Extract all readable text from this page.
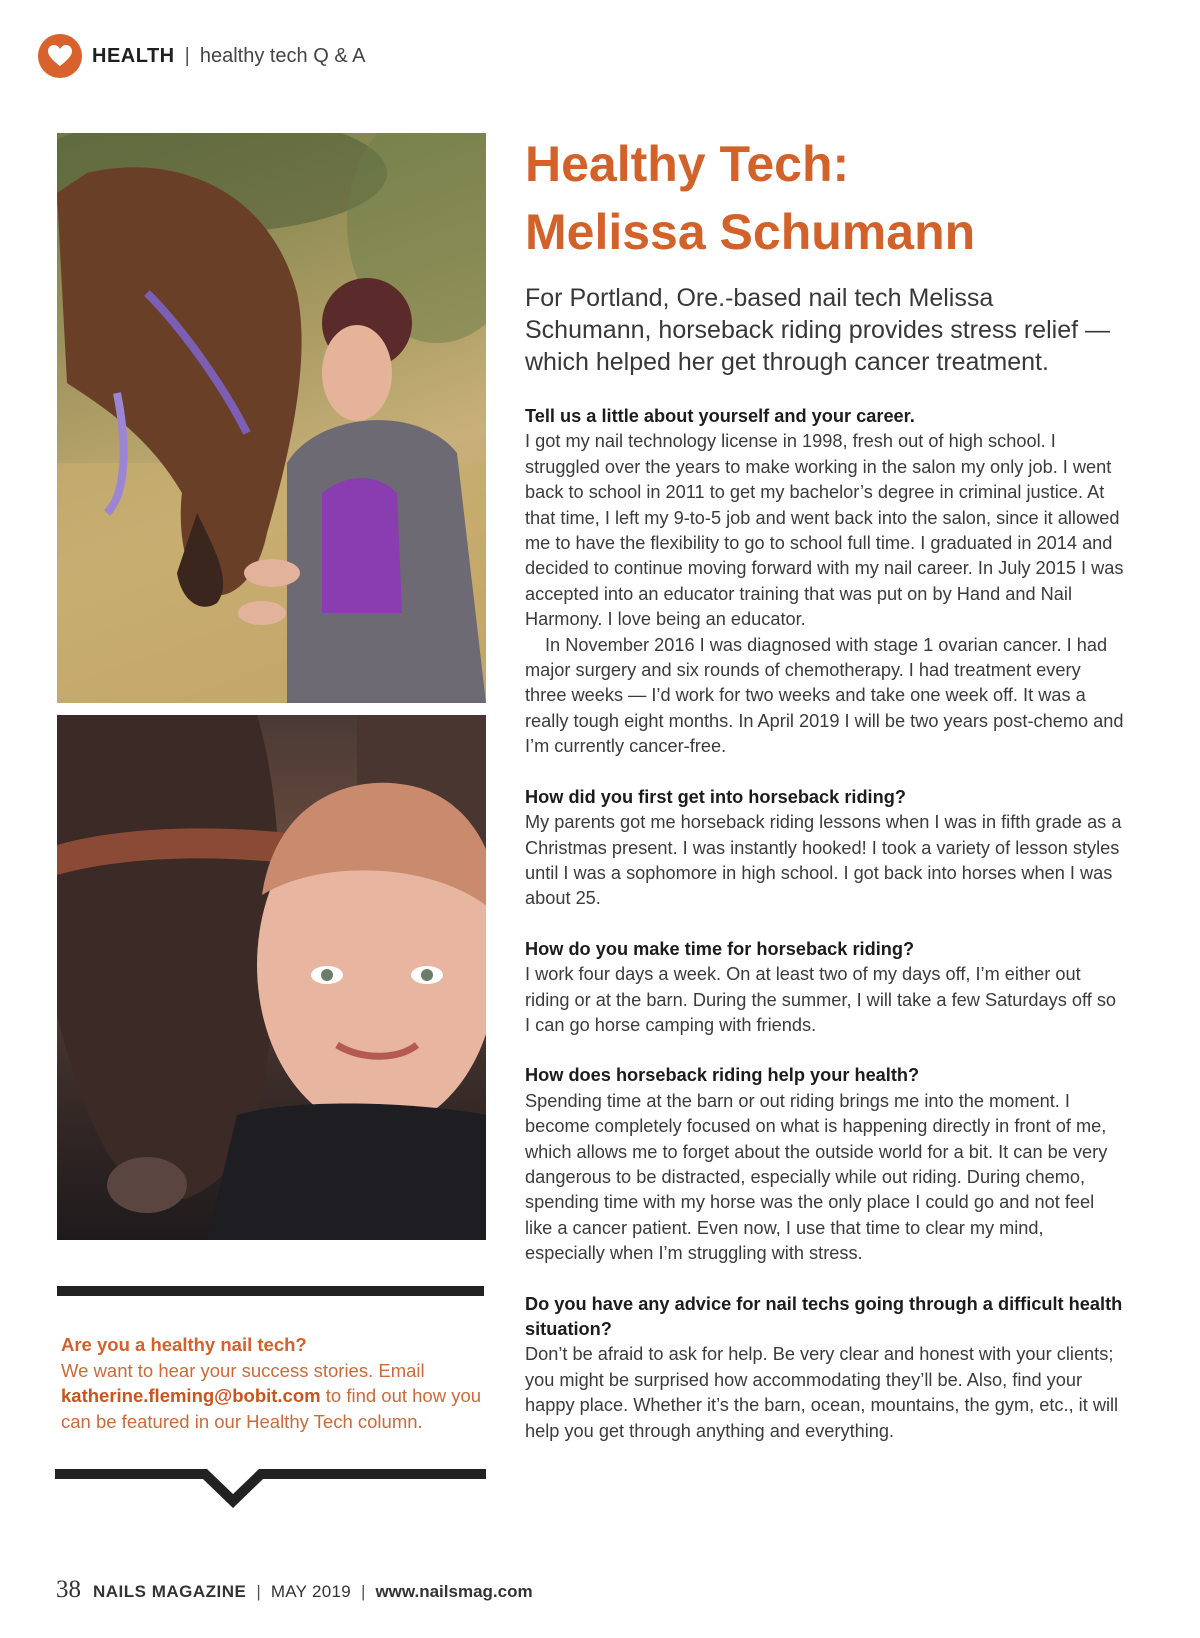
HEALTH | healthy tech Q & A
Are you a healthy nail tech?
We want to hear your success stories. Email katherine.fleming@bobit.com to find out how you can be featured in our Healthy Tech column.
Healthy Tech:
Melissa Schumann

For Portland, Ore.-based nail tech Melissa Schumann, horseback riding provides stress relief — which helped her get through cancer treatment.

Tell us a little about yourself and your career.

I got my nail technology license in 1998, fresh out of high school. I struggled over the years to make working in the salon my only job. I went back to school in 2011 to get my bachelor’s degree in criminal justice. At that time, I left my 9-to-5 job and went back into the salon, since it allowed me to have the flexibility to go to school full time. I graduated in 2014 and decided to continue moving forward with my nail career. In July 2015 I was accepted into an educator training that was put on by Hand and Nail Harmony. I love being an educator.

In November 2016 I was diagnosed with stage 1 ovarian cancer. I had major surgery and six rounds of chemotherapy. I had treatment every three weeks — I’d work for two weeks and take one week off. It was a really tough eight months. In April 2019 I will be two years post-chemo and I’m currently cancer-free.

How did you first get into horseback riding?

My parents got me horseback riding lessons when I was in fifth grade as a Christmas present. I was instantly hooked! I took a variety of lesson styles until I was a sophomore in high school. I got back into horses when I was about 25.

How do you make time for horseback riding?

I work four days a week. On at least two of my days off, I’m either out riding or at the barn. During the summer, I will take a few Saturdays off so I can go horse camping with friends.

How does horseback riding help your health?

Spending time at the barn or out riding brings me into the moment. I become completely focused on what is happening directly in front of me, which allows me to forget about the outside world for a bit. It can be very dangerous to be distracted, especially while out riding. During chemo, spending time with my horse was the only place I could go and not feel like a cancer patient. Even now, I use that time to clear my mind, especially when I’m struggling with stress.

Do you have any advice for nail techs going through a difficult health situation?

Don’t be afraid to ask for help. Be very clear and honest with your clients; you might be surprised how accommodating they’ll be. Also, find your happy place. Whether it’s the barn, ocean, mountains, the gym, etc., it will help you get through anything and everything.

38 NAILS MAGAZINE | MAY 2019 | www.nailsmag.com
